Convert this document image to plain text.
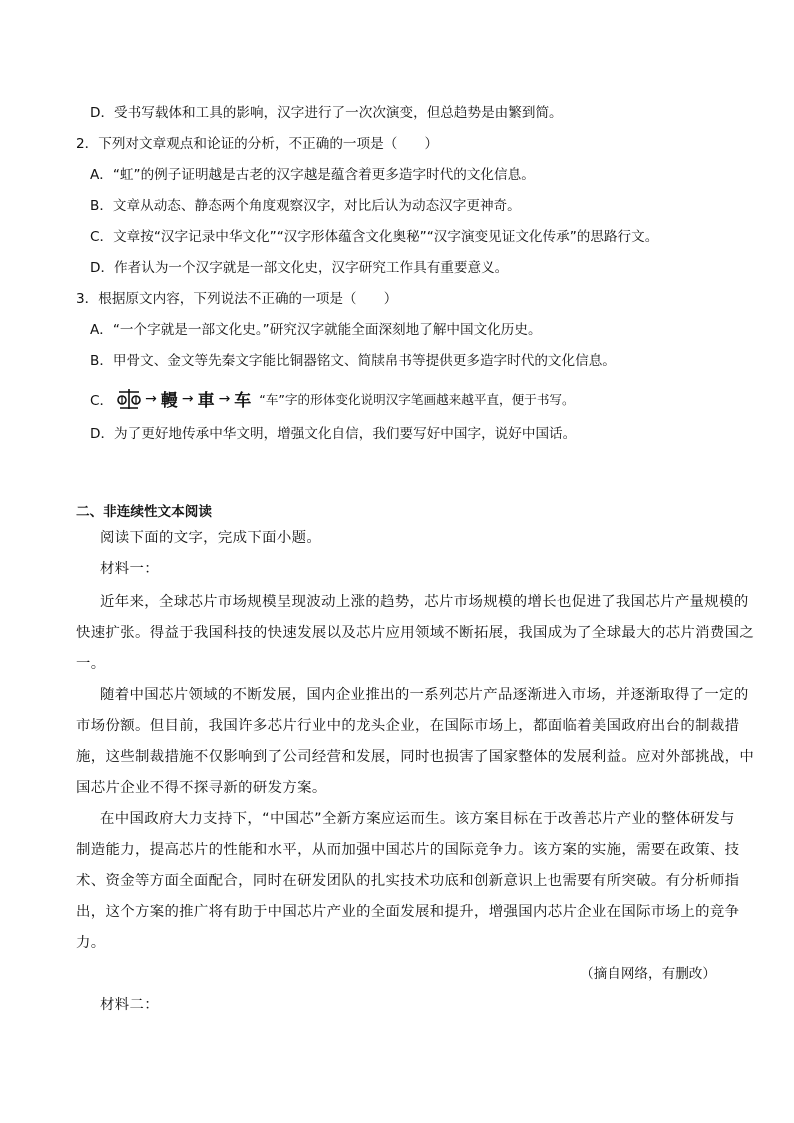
D．受书写载体和工具的影响，汉字进行了一次次演变，但总趋势是由繁到简。
2．下列对文章观点和论证的分析，不正确的一项是（　　）
A．“虹”的例子证明越是古老的汉字越是蕴含着更多造字时代的文化信息。
B．文章从动态、静态两个角度观察汉字，对比后认为动态汉字更神奇。
C．文章按“汉字记录中华文化”“汉字形体蕴含文化奥秘”“汉字演变见证文化传承”的思路行文。
D．作者认为一个汉字就是一部文化史，汉字研究工作具有重要意义。
3．根据原文内容，下列说法不正确的一项是（　　）
A．“一个字就是一部文化史。”研究汉字就能全面深刻地了解中国文化历史。
B．甲骨文、金文等先秦文字能比铜器铭文、简牍帛书等提供更多造字时代的文化信息。
C． → 䡬 → 車 → 车 “车”字的形体变化说明汉字笔画越来越平直，便于书写。
D．为了更好地传承中华文明，增强文化自信，我们要写好中国字，说好中国话。
二、非连续性文本阅读
阅读下面的文字，完成下面小题。
材料一：
近年来，全球芯片市场规模呈现波动上涨的趋势，芯片市场规模的增长也促进了我国芯片产量规模的
快速扩张。得益于我国科技的快速发展以及芯片应用领域不断拓展，我国成为了全球最大的芯片消费国之
一。
随着中国芯片领域的不断发展，国内企业推出的一系列芯片产品逐渐进入市场，并逐渐取得了一定的
市场份额。但目前，我国许多芯片行业中的龙头企业，在国际市场上，都面临着美国政府出台的制裁措
施，这些制裁措施不仅影响到了公司经营和发展，同时也损害了国家整体的发展利益。应对外部挑战，中
国芯片企业不得不探寻新的研发方案。
在中国政府大力支持下，“中国芯”全新方案应运而生。该方案目标在于改善芯片产业的整体研发与
制造能力，提高芯片的性能和水平，从而加强中国芯片的国际竞争力。该方案的实施，需要在政策、技
术、资金等方面全面配合，同时在研发团队的扎实技术功底和创新意识上也需要有所突破。有分析师指
出，这个方案的推广将有助于中国芯片产业的全面发展和提升，增强国内芯片企业在国际市场上的竞争
力。
（摘自网络，有删改）
材料二：
